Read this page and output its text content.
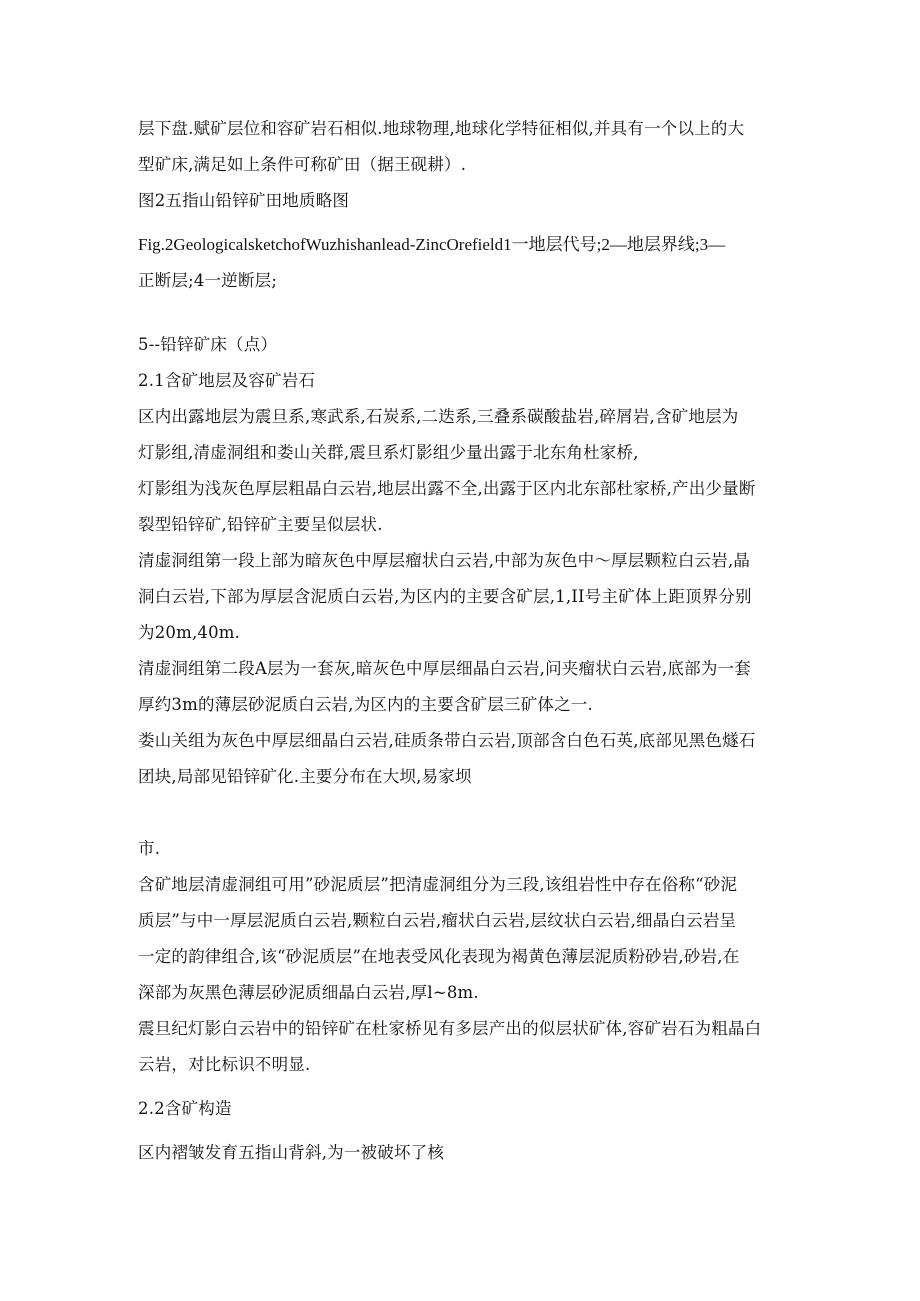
层下盘.赋矿层位和容矿岩石相似.地球物理,地球化学特征相似,并具有一个以上的大
型矿床,满足如上条件可称矿田（据王砚耕）.
图2五指山铅锌矿田地质略图
Fig.2GeologicalsketchofWuzhishanlead-ZincOrefield1一地层代号;2—地层界线;3—
正断层;4一逆断层;
5--铅锌矿床（点）
2.1含矿地层及容矿岩石
区内出露地层为震旦系,寒武系,石炭系,二迭系,三叠系碳酸盐岩,碎屑岩,含矿地层为
灯影组,清虚洞组和娄山关群,震旦系灯影组少量出露于北东角杜家桥,
灯影组为浅灰色厚层粗晶白云岩,地层出露不全,出露于区内北东部杜家桥,产出少量断
裂型铅锌矿,铅锌矿主要呈似层状.
清虚洞组第一段上部为暗灰色中厚层瘤状白云岩,中部为灰色中～厚层颗粒白云岩,晶
洞白云岩,下部为厚层含泥质白云岩,为区内的主要含矿层,1,II号主矿体上距顶界分别
为20m,40m.
清虚洞组第二段A层为一套灰,暗灰色中厚层细晶白云岩,问夹瘤状白云岩,底部为一套
厚约3m的薄层砂泥质白云岩,为区内的主要含矿层三矿体之一.
娄山关组为灰色中厚层细晶白云岩,硅质条带白云岩,顶部含白色石英,底部见黑色燧石
团块,局部见铅锌矿化.主要分布在大坝,易家坝
市.
含矿地层清虚洞组可用”砂泥质层”把清虚洞组分为三段,该组岩性中存在俗称“砂泥
质层”与中一厚层泥质白云岩,颗粒白云岩,瘤状白云岩,层纹状白云岩,细晶白云岩呈
一定的韵律组合,该“砂泥质层”在地表受风化表现为褐黄色薄层泥质粉砂岩,砂岩,在
深部为灰黑色薄层砂泥质细晶白云岩,厚l~8m.
震旦纪灯影白云岩中的铅锌矿在杜家桥见有多层产出的似层状矿体,容矿岩石为粗晶白
云岩，对比标识不明显.
2.2含矿构造
区内褶皱发育五指山背斜,为一被破坏了核
